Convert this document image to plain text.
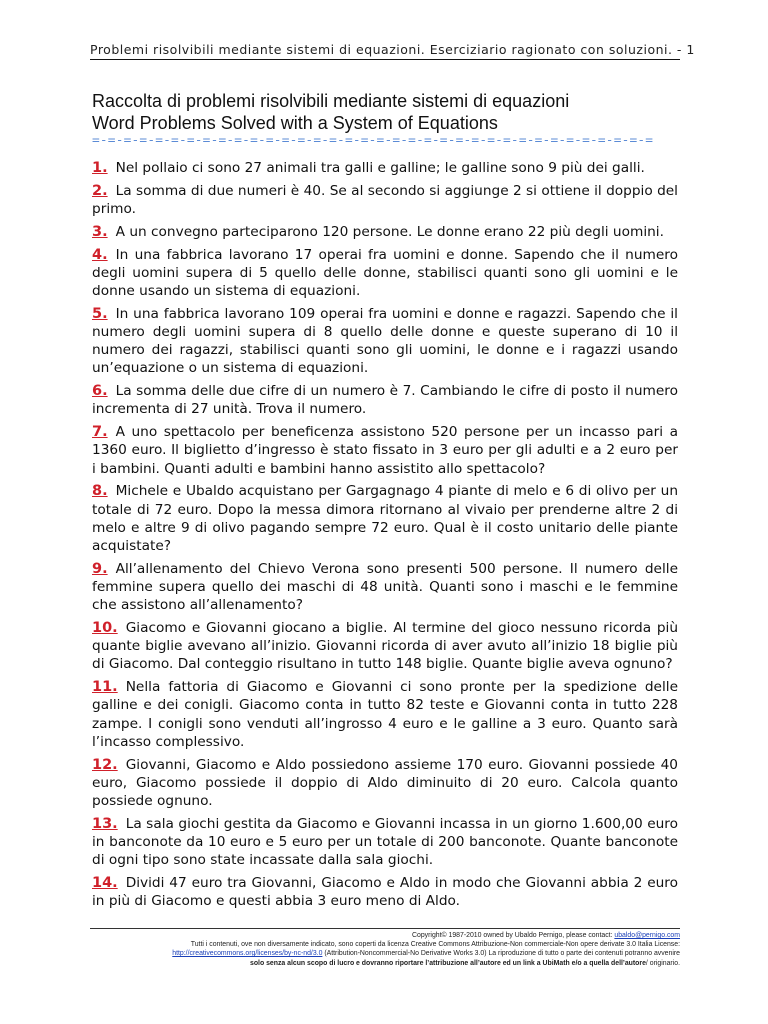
Problemi risolvibili mediante sistemi di equazioni. Eserciziario ragionato con soluzioni. - 1
Raccolta di problemi risolvibili mediante sistemi di equazioni
Word Problems Solved with a System of Equations
=-=-=-=-=-=-=-=-=-=-=-=-=-=-=-=-=-=-=-=-=-=-=-=-=-=-=-=-=-=-=-=-=-=-=-=
1. Nel pollaio ci sono 27 animali tra galli e galline; le galline sono 9 più dei galli.
2. La somma di due numeri è 40. Se al secondo si aggiunge 2 si ottiene il doppio del primo.
3. A un convegno parteciparono 120 persone. Le donne erano 22 più degli uomini.
4. In una fabbrica lavorano 17 operai fra uomini e donne. Sapendo che il numero degli uomini supera di 5 quello delle donne, stabilisci quanti sono gli uomini e le donne usando un sistema di equazioni.
5. In una fabbrica lavorano 109 operai fra uomini e donne e ragazzi. Sapendo che il numero degli uomini supera di 8 quello delle donne e queste superano di 10 il numero dei ragazzi, stabilisci quanti sono gli uomini, le donne e i ragazzi usando un’equazione o un sistema di equazioni.
6. La somma delle due cifre di un numero è 7. Cambiando le cifre di posto il numero incrementa di 27 unità. Trova il numero.
7. A uno spettacolo per beneficenza assistono 520 persone per un incasso pari a 1360 euro. Il biglietto d’ingresso è stato fissato in 3 euro per gli adulti e a 2 euro per i bambini. Quanti adulti e bambini hanno assistito allo spettacolo?
8. Michele e Ubaldo acquistano per Gargagnago 4 piante di melo e 6 di olivo per un totale di 72 euro. Dopo la messa dimora ritornano al vivaio per prenderne altre 2 di melo e altre 9 di olivo pagando sempre 72 euro. Qual è il costo unitario delle piante acquistate?
9. All’allenamento del Chievo Verona sono presenti 500 persone. Il numero delle femmine supera quello dei maschi di 48 unità. Quanti sono i maschi e le femmine che assistono all’allenamento?
10. Giacomo e Giovanni giocano a biglie. Al termine del gioco nessuno ricorda più quante biglie avevano all’inizio. Giovanni ricorda di aver avuto all’inizio 18 biglie più di Giacomo. Dal conteggio risultano in tutto 148 biglie. Quante biglie aveva ognuno?
11. Nella fattoria di Giacomo e Giovanni ci sono pronte per la spedizione delle galline e dei conigli. Giacomo conta in tutto 82 teste e Giovanni conta in tutto 228 zampe. I conigli sono venduti all’ingrosso 4 euro e le galline a 3 euro. Quanto sarà l’incasso complessivo.
12. Giovanni, Giacomo e Aldo possiedono assieme 170 euro. Giovanni possiede 40 euro, Giacomo possiede il doppio di Aldo diminuito di 20 euro. Calcola quanto possiede ognuno.
13. La sala giochi gestita da Giacomo e Giovanni incassa in un giorno 1.600,00 euro in banconote da 10 euro e 5 euro per un totale di 200 banconote. Quante banconote di ogni tipo sono state incassate dalla sala giochi.
14. Dividi 47 euro tra Giovanni, Giacomo e Aldo in modo che Giovanni abbia 2 euro in più di Giacomo e questi abbia 3 euro meno di Aldo.
Copyright© 1987-2010 owned by Ubaldo Pernigo, please contact: ubaldo@pernigo.com
Tutti i contenuti, ove non diversamente indicato, sono coperti da licenza Creative Commons Attribuzione-Non commerciale-Non opere derivate 3.0 Italia License:
http://creativecommons.org/licenses/by-nc-nd/3.0 (Attribution-Noncommercial-No Derivative Works 3.0) La riproduzione di tutto o parte dei contenuti potranno avvenire
solo senza alcun scopo di lucro e dovranno riportare l’attribuzione all’autore ed un link a UbiMath e/o a quella dell’autore/ originario.
